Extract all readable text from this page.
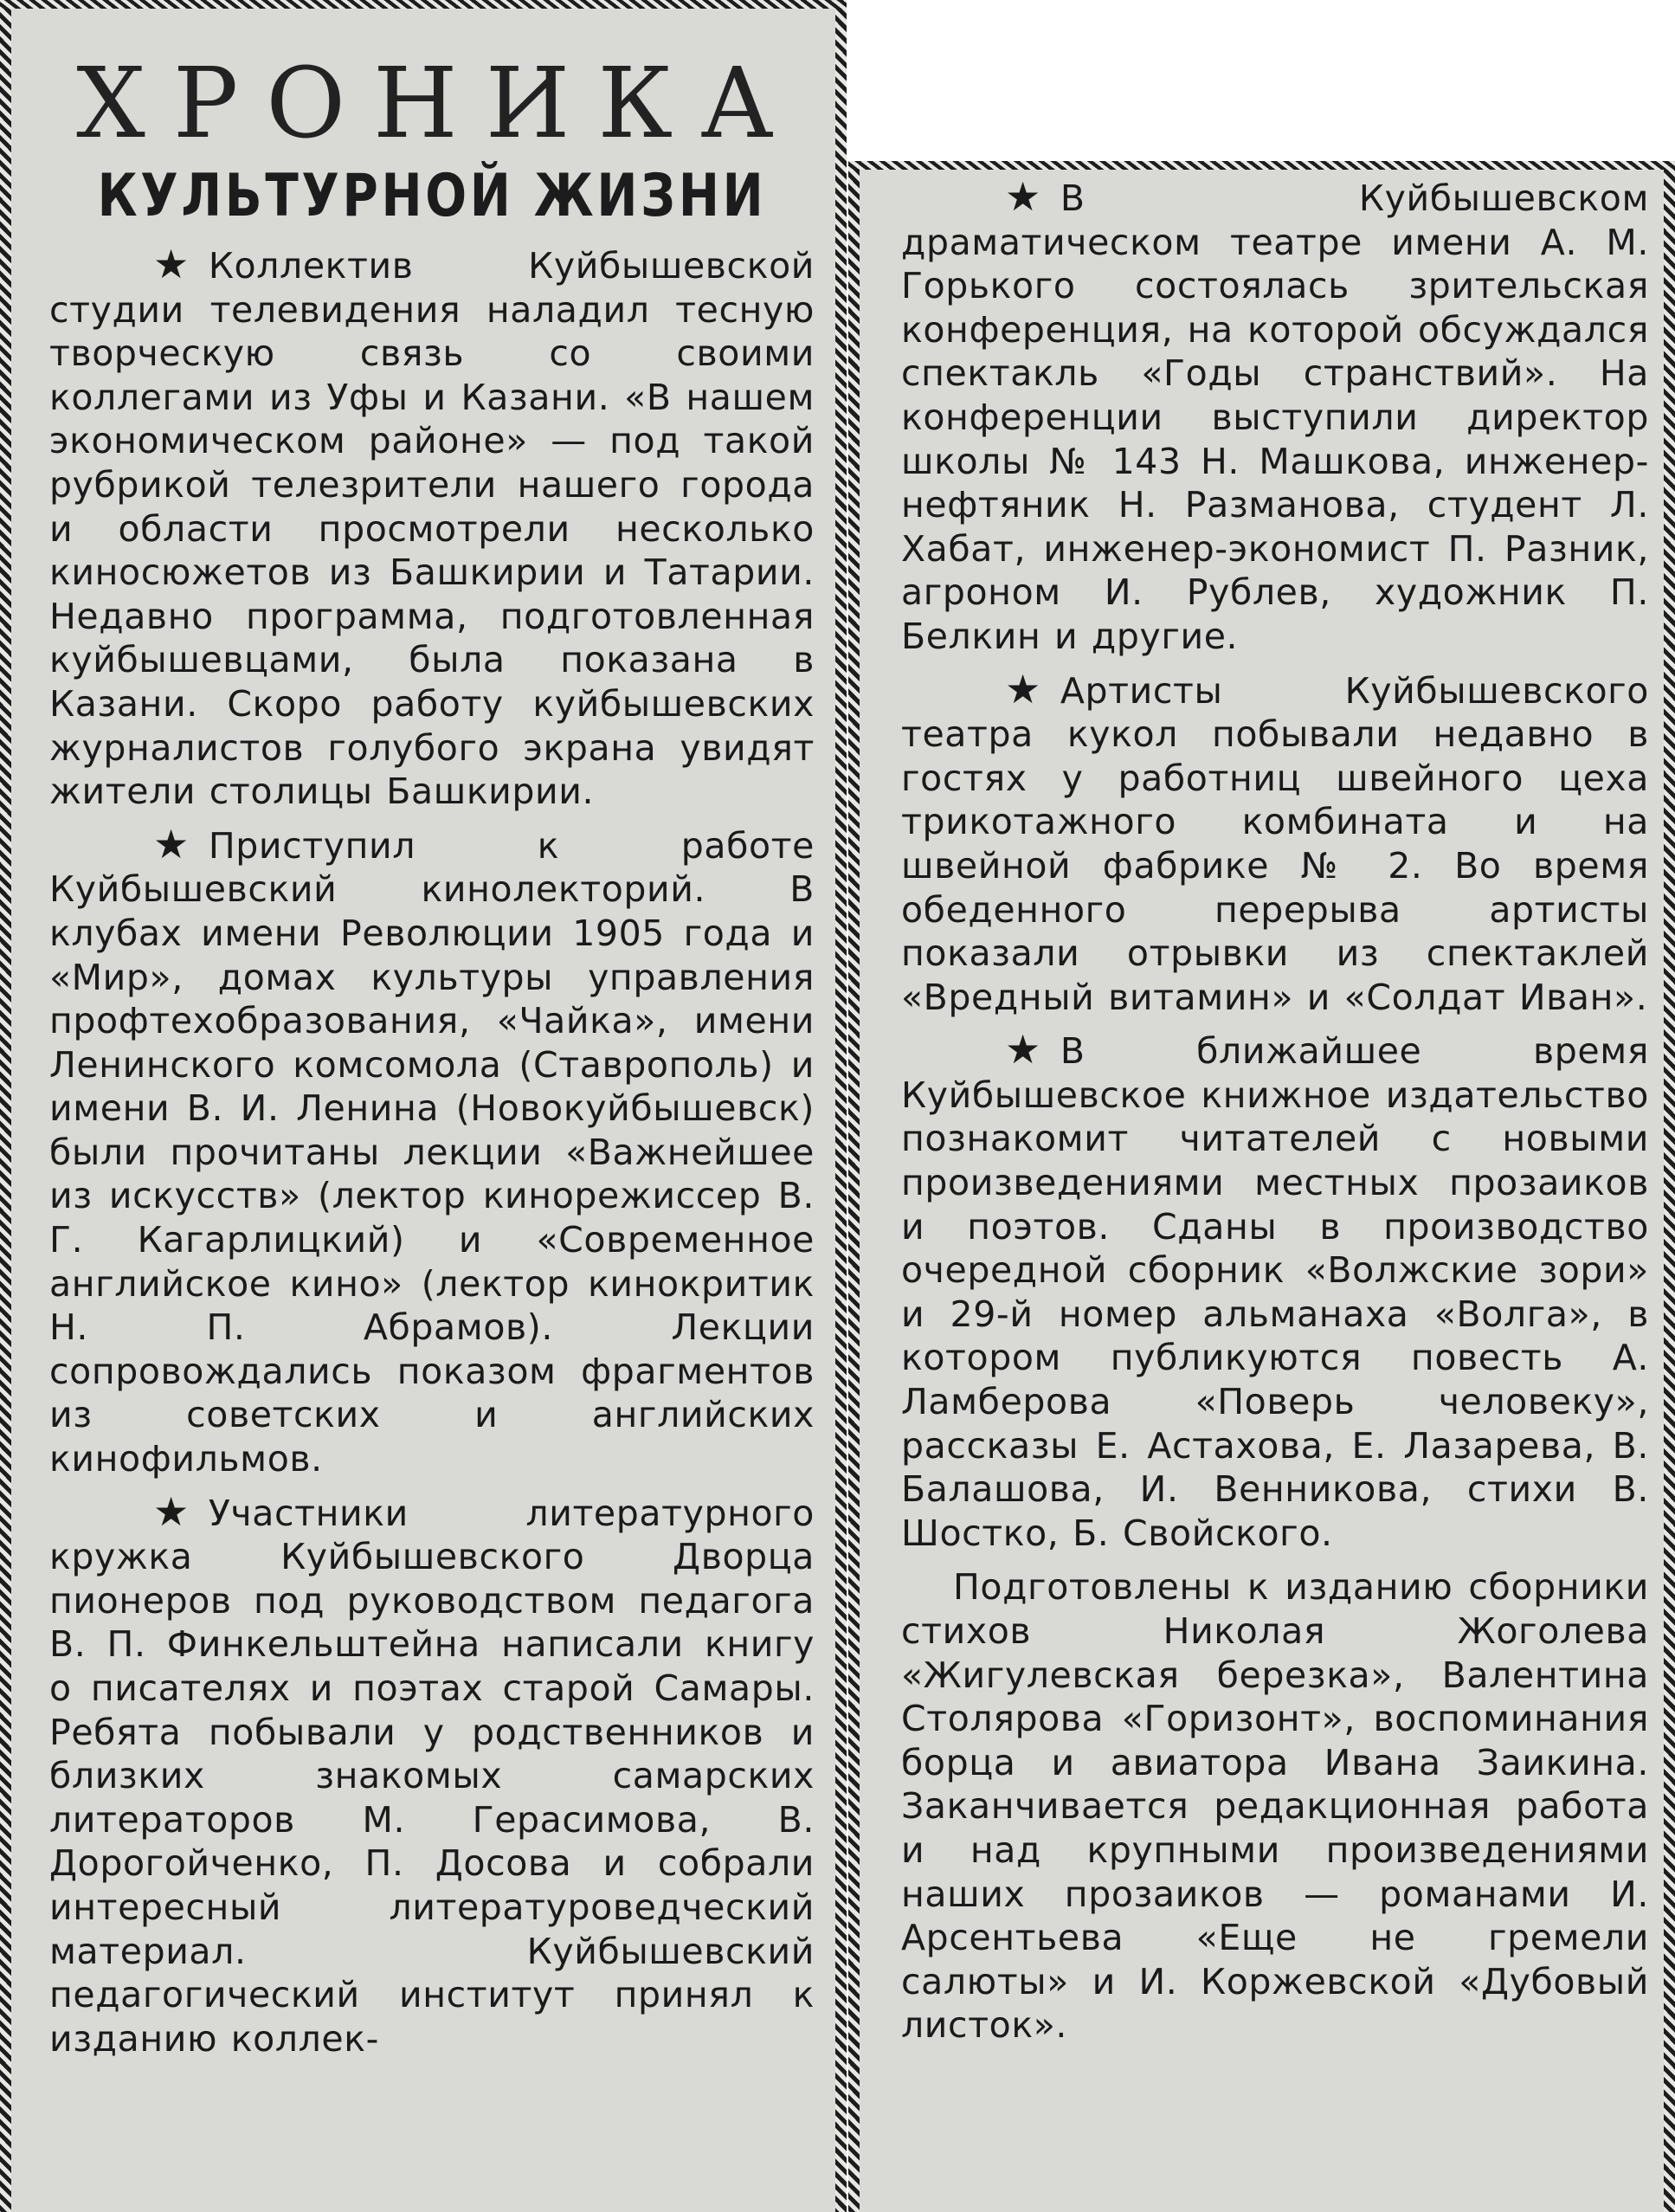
ХРОНИКА
КУЛЬТУРНОЙ ЖИЗНИ

★ Коллектив Куйбышевской студии телевидения наладил тесную творческую связь со своими коллегами из Уфы и Казани. «В нашем экономическом районе» — под такой рубрикой телезрители нашего города и области просмотрели несколько киносюжетов из Башкирии и Татарии. Недавно программа, подготовленная куйбышевцами, была показана в Казани. Скоро работу куйбышевских журналистов голубого экрана увидят жители столицы Башкирии.

★ Приступил к работе Куйбышевский кинолекторий. В клубах имени Революции 1905 года и «Мир», домах культуры управления профтехобразования, «Чайка», имени Ленинского комсомола (Ставрополь) и имени В. И. Ленина (Новокуйбышевск) были прочитаны лекции «Важнейшее из искусств» (лектор кинорежиссер В. Г. Кагарлицкий) и «Современное английское кино» (лектор кинокритик Н. П. Абрамов). Лекции сопровождались показом фрагментов из советских и английских кинофильмов.

★ Участники литературного кружка Куйбышевского Дворца пионеров под руководством педагога В. П. Финкельштейна написали книгу о писателях и поэтах старой Самары. Ребята побывали у родственников и близких знакомых самарских литераторов М. Герасимова, В. Дорогойченко, П. Досова и собрали интересный литературоведческий материал. Куйбышевский педагогический институт принял к изданию коллек-

★ В Куйбышевском драматическом театре имени А. М. Горького состоялась зрительская конференция, на которой обсуждался спектакль «Годы странствий». На конференции выступили директор школы № 143 Н. Машкова, инженер-нефтяник Н. Разманова, студент Л. Хабат, инженер-экономист П. Разник, агроном И. Рублев, художник П. Белкин и другие.

★ Артисты Куйбышевского театра кукол побывали недавно в гостях у работниц швейного цеха трикотажного комбината и на швейной фабрике № 2. Во время обеденного перерыва артисты показали отрывки из спектаклей «Вредный витамин» и «Солдат Иван».

★ В ближайшее время Куйбышевское книжное издательство познакомит читателей с новыми произведениями местных прозаиков и поэтов. Сданы в производство очередной сборник «Волжские зори» и 29-й номер альманаха «Волга», в котором публикуются повесть А. Ламберова «Поверь человеку», рассказы Е. Астахова, Е. Лазарева, В. Балашова, И. Венникова, стихи В. Шостко, Б. Свойского.

Подготовлены к изданию сборники стихов Николая Жоголева «Жигулевская березка», Валентина Столярова «Горизонт», воспоминания борца и авиатора Ивана Заикина. Заканчивается редакционная работа и над крупными произведениями наших прозаиков — романами И. Арсентьева «Еще не гремели салюты» и И. Коржевской «Дубовый листок».
